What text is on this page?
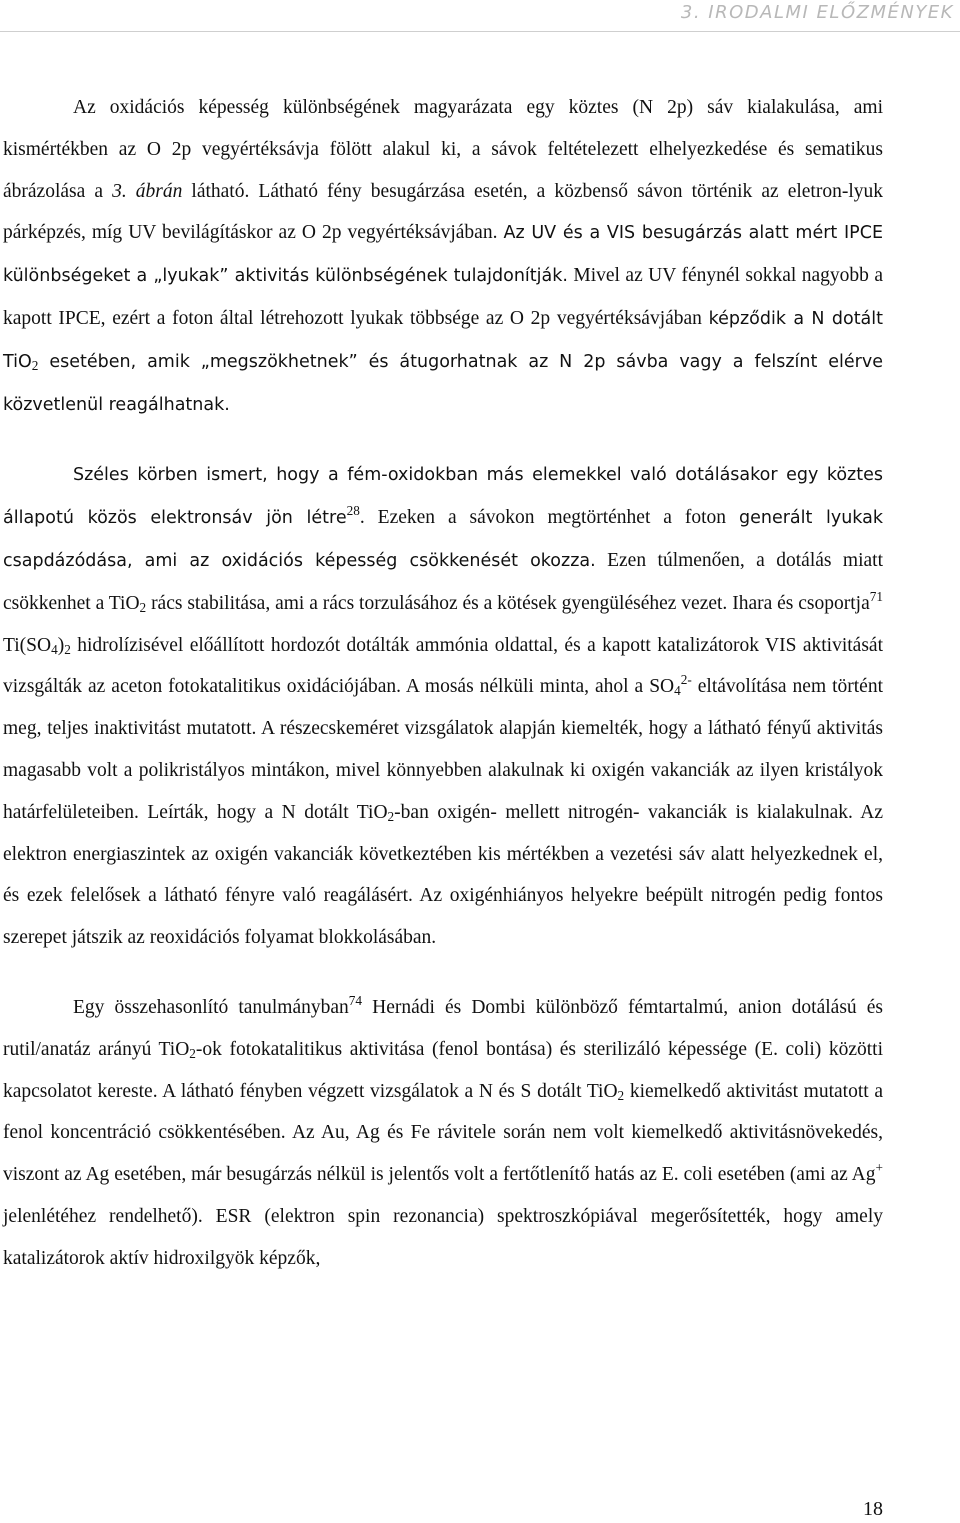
3. IRODALMI ELŐZMÉNYEK

Az oxidációs képesség különbségének magyarázata egy köztes (N 2p) sáv kialakulása, ami kismértékben az O 2p vegyértéksávja fölött alakul ki, a sávok feltételezett elhelyezkedése és sematikus ábrázolása a 3. ábrán látható. Látható fény besugárzása esetén, a közbenső sávon történik az eletron-lyuk párképzés, míg UV bevilágításkor az O 2p vegyértéksávjában. Az UV és a VIS besugárzás alatt mért IPCE különbségeket a „lyukak” aktivitás különbségének tulajdonítják. Mivel az UV fénynél sokkal nagyobb a kapott IPCE, ezért a foton által létrehozott lyukak többsége az O 2p vegyértéksávjában képződik a N dotált TiO$_2$ esetében, amik „megszökhetnek” és átugorhatnak az N 2p sávba vagy a felszínt elérve közvetlenül reagálhatnak.

Széles körben ismert, hogy a fém-oxidokban más elemekkel való dotálásakor egy köztes állapotú közös elektronsáv jön létre$^{28}$. Ezeken a sávokon megtörténhet a foton generált lyukak csapdázódása, ami az oxidációs képesség csökkenését okozza. Ezen túlmenően, a dotálás miatt csökkenhet a TiO$_2$ rács stabilitása, ami a rács torzulásához és a kötések gyengüléséhez vezet. Ihara és csoportja$^{71}$ $Ti(SO_4)_2$ hidrolízisével előállított hordozót dotálták ammónia oldattal, és a kapott katalizátorok VIS aktivitását vizsgálták az aceton fotokatalitikus oxidációjában. A mosás nélküli minta, ahol a $SO_4^{2-}$ eltávolítása nem történt meg, teljes inaktivitást mutatott. A részecskeméret vizsgálatok alapján kiemelték, hogy a látható fényű aktivitás magasabb volt a polikristályos mintákon, mivel könnyebben alakulnak ki oxigén vakanciák az ilyen kristályok határfelületeiben. Leírták, hogy a N dotált TiO$_2$-ban oxigén- mellett nitrogén- vakanciák is kialakulnak. Az elektron energiaszintek az oxigén vakanciák következtében kis mértékben a vezetési sáv alatt helyezkednek el, és ezek felelősek a látható fényre való reagálásért. Az oxigénhiányos helyekre beépült nitrogén pedig fontos szerepet játszik az reoxidációs folyamat blokkolásában.

Egy összehasonlító tanulmányban$^{74}$ Hernádi és Dombi különböző fémtartalmú, anion dotálású és rutil/anatáz arányú TiO$_2$-ok fotokatalitikus aktivitása (fenol bontása) és sterilizáló képessége (E. coli) közötti kapcsolatot kereste. A látható fényben végzett vizsgálatok a N és S dotált TiO$_2$ kiemelkedő aktivitást mutatott a fenol koncentráció csökkentésében. Az Au, Ag és Fe rávitele során nem volt kiemelkedő aktivitásnövekedés, viszont az Ag esetében, már besugárzás nélkül is jelentős volt a fertőtlenítő hatás az E. coli esetében (ami az Ag+ jelenlétéhez rendelhető). ESR (elektron spin rezonancia) spektroszkópiával megerősítették, hogy amely katalizátorok aktív hidroxilgyök képzők,

18
